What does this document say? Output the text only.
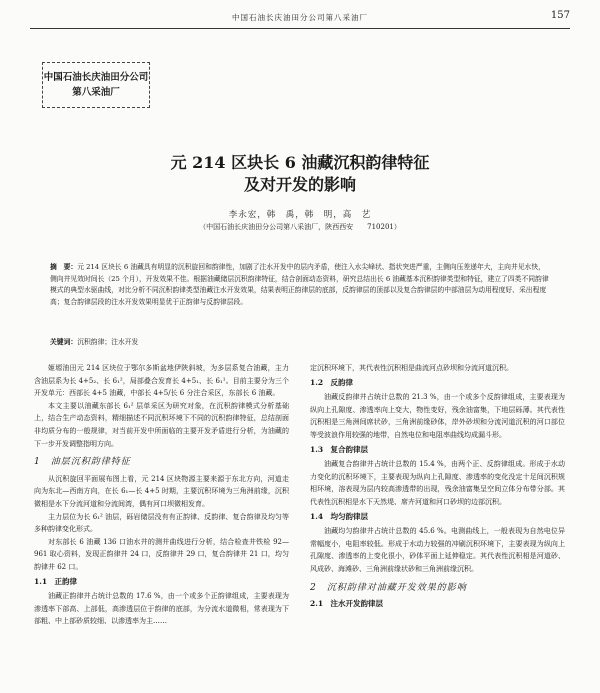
中国石油长庆油田分公司第八采油厂	157
中国石油长庆油田分公司
第八采油厂
元 214 区块长 6 油藏沉积韵律特征
及对开发的影响
李永宏，韩　禹，韩　明，高　艺
（中国石油长庆油田分公司第八采油厂，陕西西安　　710201）
摘　要：元 214 区块长 6 油藏具有明显的沉积旋回和韵律性，加剧了注水开发中的层内矛盾，使注入水尖峰状、指状突进严重，主侧向压差递年大，主向井见水快，侧向井见效时间长（25 个月），开发效果不佳。根据油藏储层沉积韵律特征，结合剖面动态资料，研究总结出长 6 油藏基本沉积韵律类型和特征，建立了四类不同韵律模式的典型水驱曲线，对比分析不同沉积韵律类型油藏注水开发效果，结果表明正韵律层的底部，反韵律层的顶部以及复合韵律层的中部油层为动用程度好、采出程度高；复合韵律层段的注水开发效果明显优于正韵律与反韵律层段。
关键词：沉积韵律；注水开发

姬塬油田元 214 区块位于鄂尔多斯盆地伊陕斜坡，为多层系复合油藏，主力含油层系为长 4+5₂、长 6₁²，局部叠合发育长 4+5₁、长 6₁¹。目前主要分为三个开发单元：西部长 4+5 油藏，中部长 4+5/长 6 分注合采区，东部长 6 油藏。

本文主要以油藏东部长 6₁² 层单采区为研究对象，在沉积韵律模式分析基础上，结合生产动态资料，精细描述不同沉积环境下不同的沉积韵律特征，总结剖面非均质分布的一般规律，对当前开发中所面临的主要开发矛盾进行分析，为油藏的下一步开发调整指明方向。

1　油层沉积韵律特征

从沉积旋回平面展布图上看，元 214 区块物源主要来源于东北方向，河道走向为东北—西南方向，在长 6₁—长 4+5 时期，主要沉积环境为三角洲前缘，沉积微相是水下分流河道和分流间湾，偶有河口坝微相发育。

主力层位为长 6₁² 油层，砾岩储层没有有正韵律、反韵律、复合韵律及均匀等多种韵律变化形式。

对东部长 6 油藏 136 口油水井的测井曲线进行分析，结合检查井铁检 92—961 取心资料，发现正韵律井 24 口，反韵律井 29 口，复合韵律井 21 口，均匀韵律井 62 口。

1.1　正韵律

油藏正韵律井占统计总数的 17.6 %，由一个或多个正韵律组成，主要表现为渗透率下部高、上部低，高渗透层位于韵律的底部，为分流水道微相，常表现为下部粗、中上部砂质较细、以渗透率为主……

定沉积环境下，其代表性沉积相是曲流河点砂坝和分流河道沉积。

1.2　反韵律

油藏反韵律井占统计总数的 21.3 %，由一个或多个反韵律组成，主要表现为纵向上孔隙度、渗透率向上变大，物性变好，残余油富集，下地层砾薄。其代表性沉积相是三角洲间席状砂，三角洲前缘砂体，岸外砂坝和分流河道沉积的河口部位等受波浪作用较强的地带，自然电位和电阻率曲线均成漏斗形。

1.3　复合韵律层

油藏复合韵律井占统计总数的 15.4 %，由两个正、反韵律组成。形成于水动力变化的沉积环境下，主要表现为纵向上孔隙度、渗透率的变化没定十足间沉积规相环境，溶表现为层内较高渗透带的出现，残余油富集呈空间立体分布带分部。其代表性沉积相是水下天然堤、席卉河道和河口砂坝的边部沉积。

1.4　均匀韵律层

油藏均匀韵律井占统计总数的 45.6 %。电测曲线上，一般表现为自然电位异常幅度小，电阻率较低。形成于水动力较强的冲刷沉积环境下，主要表现为纵向上孔隙度、渗透率的上变化很小，砂体平面上延伸稳定。其代表性沉积相是河道砂、风成砂、海滩砂、三角洲前缘状砂和三角洲前缘沉积。

2　沉积韵律对油藏开发效果的影响
2.1　注水开发韵律层
